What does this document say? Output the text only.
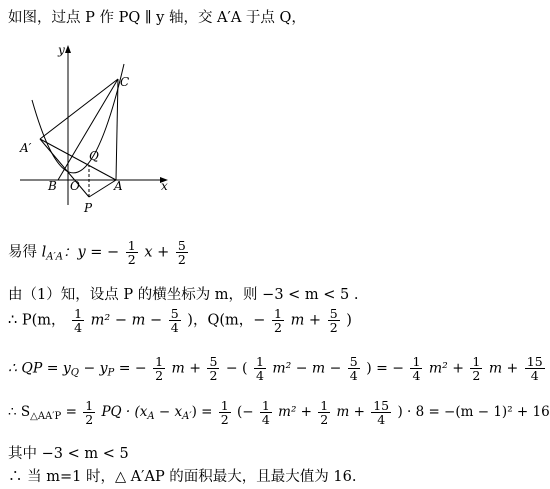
如图，过点 P 作 PQ ∥ y 轴，交 A′A 于点 Q，
y
x
C
A′
Q
B O	A
P
易得 $l_{A'A}$：y = − $\frac{1}{2}$ $x + \frac{5}{2}$
由（1）知，设点 P 的横坐标为 m，则 −3 < m < 5 .
∴ P(m， $\frac{1}{4} m^2 - m - \frac{5}{4}$ )，Q(m，− $\frac{1}{2}$ $m + \frac{5}{2}$ )
∴ QP = $y_Q - y_P$ = − $\frac{1}{2}$ $m + \frac{5}{2}$ − ( $\frac{1}{4} m^2 - m - \frac{5}{4}$ ) = − $\frac{1}{4} m^2 + \frac{1}{2}$ $m + \frac{15}{4}$
∴ $S_{\triangle AA'P} = \frac{1}{2}$ PQ · $(x_A - x_{A'}) = \frac{1}{2}$ (− $\frac{1}{4} m^2 + \frac{1}{2}$ $m + \frac{15}{4}$ ) · 8 = −(m − 1)² + 16
其中 −3 < m < 5
∴ 当 m=1 时，△ A′AP 的面积最大，且最大值为 16.
